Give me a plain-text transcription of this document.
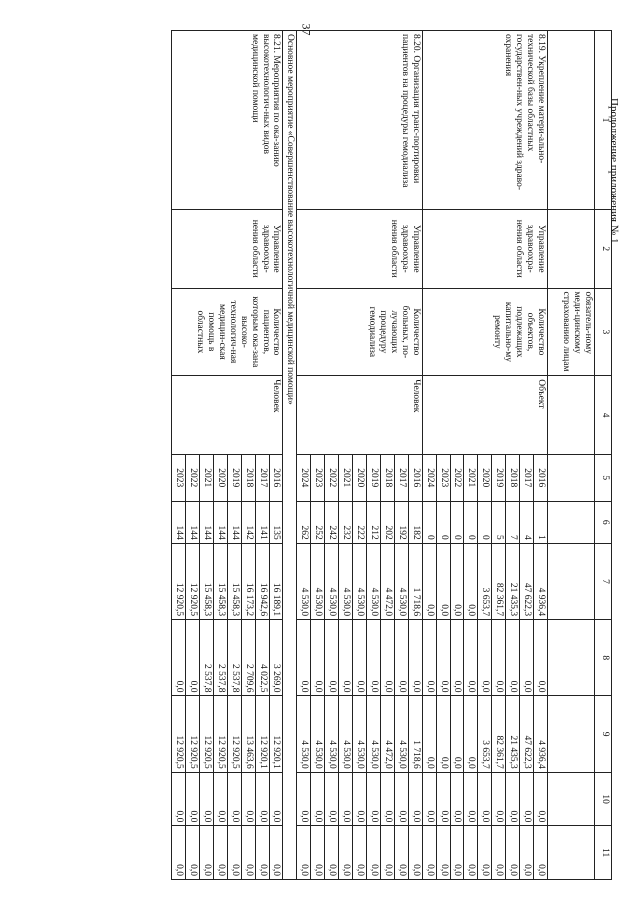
37
Продолжение приложения № 1
1	2	3	4	5	6	7	8	9	10	11
		обязатель-ному меди-цинскому страхованию лицам								
8.19. Укрепление матери-ально-технической базы областных государствен-ных учреждений здраво-охранения	Управление здравоохра-нения области	Количество объектов, подлежащих капитально-му ремонту	Объект	2016	1	4 936,4	0,0	4 936,4	0,0	0,0
				2017	4	47 622,3	0,0	47 622,3	0,0	0,0
				2018	7	21 435,3	0,0	21 435,3	0,0	0,0
				2019	5	82 361,7	0,0	82 361,7	0,0	0,0
				2020	0	3 653,7	0,0	3 653,7	0,0	0,0
				2021	0	0,0	0,0	0,0	0,0	0,0
				2022	0	0,0	0,0	0,0	0,0	0,0
				2023	0	0,0	0,0	0,0	0,0	0,0
				2024	0	0,0	0,0	0,0	0,0	0,0
8.20. Организация транс-портировки пациентов на процедуры гемодиализа	Управление здравоохра-нения области	Количество больных, по-лучающих процедуру гемодиализа	Человек	2016	182	1 718,6	0,0	1 718,6	0,0	0,0
				2017	192	4 530,0	0,0	4 530,0	0,0	0,0
				2018	202	4 472,0	0,0	4 472,0	0,0	0,0
				2019	212	4 530,0	0,0	4 530,0	0,0	0,0
				2020	222	4 530,0	0,0	4 530,0	0,0	0,0
				2021	232	4 530,0	0,0	4 530,0	0,0	0,0
				2022	242	4 530,0	0,0	4 530,0	0,0	0,0
				2023	252	4 530,0	0,0	4 530,0	0,0	0,0
				2024	262	4 530,0	0,0	4 530,0	0,0	0,0
Основное мероприятие «Совершенствование высокотехнологичной медицинской помощи»										
8.21. Мероприятия по ока-занию высокотехнологич-ных видов медицинской помощи	Управление здравоохра-нения области	Количество пациентов, которым ока-зана высоко-технологич-ная медицин-ская помощь в областных	Человек	2016	135	16 189,1	3 269,0	12 920,1	0,0	0,0
				2017	141	16 942,6	4 022,5	12 920,1	0,0	0,0
				2018	142	16 173,2	2 709,6	13 463,6	0,0	0,0
				2019	144	15 458,3	2 537,8	12 920,5	0,0	0,0
				2020	144	15 458,3	2 537,8	12 920,5	0,0	0,0
				2021	144	15 458,3	2 537,8	12 920,5	0,0	0,0
				2022	144	12 920,5	0,0	12 920,5	0,0	0,0
				2023	144	12 920,5	0,0	12 920,5	0,0	0,0
